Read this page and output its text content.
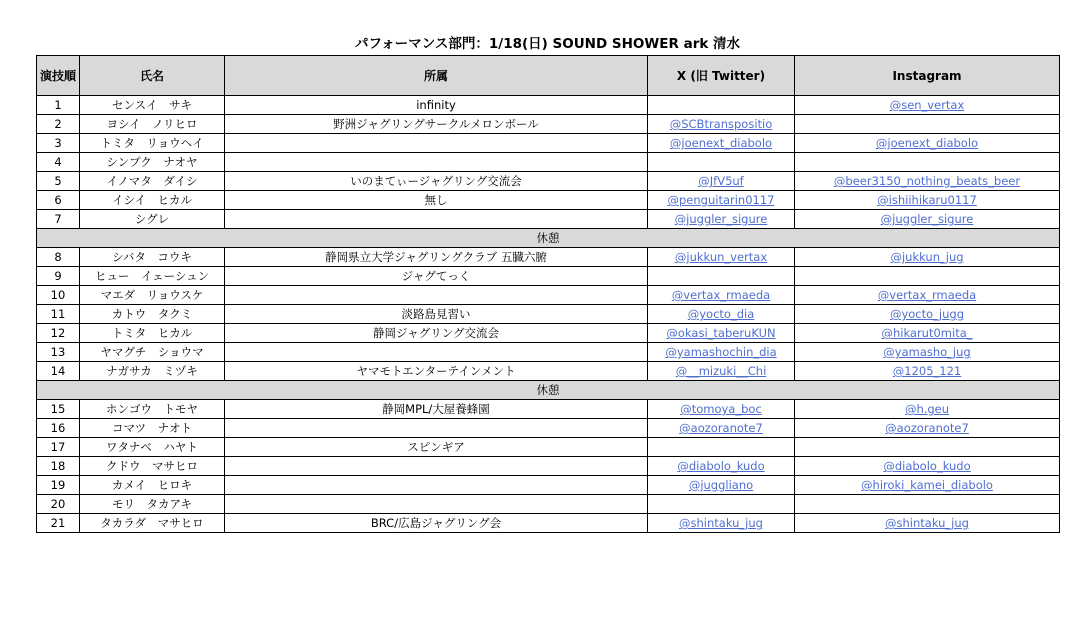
パフォーマンス部門：1/18(日) SOUND SHOWER ark 清水
演技順	氏名	所属	X (旧 Twitter)	Instagram
1	センスイ　サキ	infinity		@sen_vertax
2	ヨシイ　ノリヒロ	野洲ジャグリングサークルメロンボール	@SCBtranspositio	
3	トミタ　リョウヘイ		@joenext_diabolo	@joenext_diabolo
4	シンプク　ナオヤ			
5	イノマタ　ダイシ	いのまてぃージャグリング交流会	@JfV5uf	@beer3150_nothing_beats_beer
6	イシイ　ヒカル	無し	@penguitarin0117	@ishiihikaru0117
7	シグレ		@juggler_sigure	@juggler_sigure
休憩				
8	シバタ　コウキ	静岡県立大学ジャグリングクラブ 五臓六腑	@jukkun_vertax	@jukkun_jug
9	ヒュー　イェーシュン	ジャグてっく		
10	マエダ　リョウスケ		@vertax_rmaeda	@vertax_rmaeda
11	カトウ　タクミ	淡路島見習い	@yocto_dia	@yocto_jugg
12	トミタ　ヒカル	静岡ジャグリング交流会	@okasi_taberuKUN	@hikarut0mita_
13	ヤマグチ　ショウマ		@yamashochin_dia	@yamasho_jug
14	ナガサカ　ミヅキ	ヤマモトエンターテインメント	@__mizuki__Chi	@1205_121
休憩				
15	ホンゴウ　トモヤ	静岡MPL/大屋養蜂園	@tomoya_boc	@h.geu
16	コマツ　ナオト		@aozoranote7	@aozoranote7
17	ワタナベ　ハヤト	スピンギア		
18	クドウ　マサヒロ		@diabolo_kudo	@diabolo_kudo
19	カメイ　ヒロキ		@juggliano	@hiroki_kamei_diabolo
20	モリ　タカアキ			
21	タカラダ　マサヒロ	BRC/広島ジャグリング会	@shintaku_jug	@shintaku_jug
